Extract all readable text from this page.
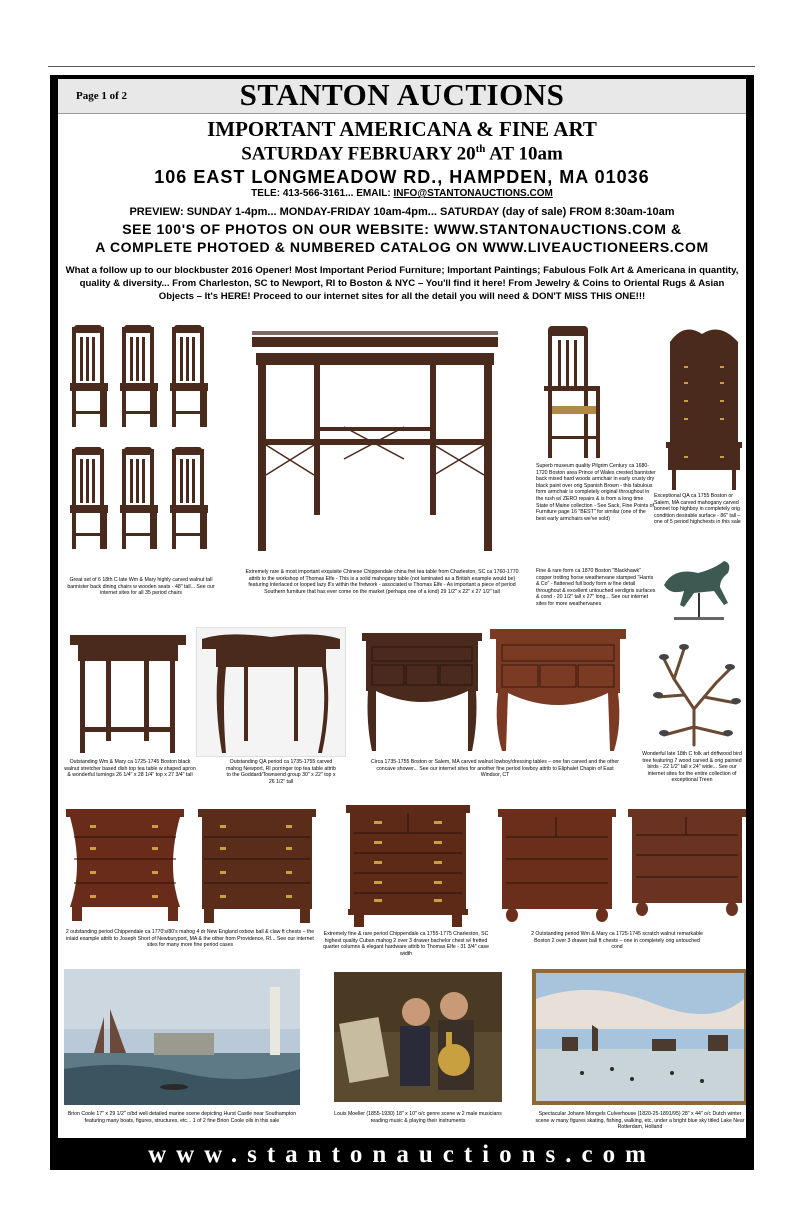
Page 1 of 2	STANTON AUCTIONS
IMPORTANT AMERICANA & FINE ART
SATURDAY FEBRUARY 20th AT 10am
106 EAST LONGMEADOW RD., HAMPDEN, MA 01036
TELE: 413-566-3161... EMAIL: INFO@STANTONAUCTIONS.COM
PREVIEW: SUNDAY 1-4pm... MONDAY-FRIDAY 10am-4pm... SATURDAY (day of sale) FROM 8:30am-10am
SEE 100'S OF PHOTOS ON OUR WEBSITE: WWW.STANTONAUCTIONS.COM &
A COMPLETE PHOTOED & NUMBERED CATALOG ON WWW.LIVEAUCTIONEERS.COM
What a follow up to our blockbuster 2016 Opener! Most Important Period Furniture; Important Paintings; Fabulous Folk Art & Americana in quantity, quality & diversity... From Charleston, SC to Newport, RI to Boston & NYC – You'll find it here! From Jewelry & Coins to Oriental Rugs & Asian Objects – It's HERE! Proceed to our internet sites for all the detail you will need & DON'T MISS THIS ONE!!!
Great set of 6 18th C late Wm & Mary highly carved walnut tall bannister back dining chairs w wooden seats - 48" tall... See our internet sites for all 35 period chairs
Extremely rare & most important exquisite Chinese Chippendale china fret tea table from Charleston, SC ca 1760-1770 attrib to the workshop of Thomas Elfe - This is a solid mahogany table (not laminated as a British example would be) featuring interlaced or looped lazy 8's within the fretwork - associated w Thomas Elfe - As important a piece of period Southern furniture that has ever come on the market (perhaps one of a kind) 29 1/2" x 22" x 27 1/2" tall
Superb museum quality Pilgrim Century ca 1680-1720 Boston area Prince of Wales crested bannister back mixed hard woods armchair in early crusty dry black paint over orig Spanish Brown - this fabulous form armchair is completely original throughout in the rush w/ ZERO repairs & is from a long time State of Maine collection - See Sack, Fine Points of Furniture page 16 "BEST" for similar (one of the best early armchairs we've sold)
Exceptional QA ca 1755 Boston or Salem, MA carved mahogany carved bonnet top highboy in completely orig condition desirable surface - 86" tall – one of 5 period highchests in this sale
Fine & rare form ca 1870 Boston "Blackhawk" copper trotting horse weathervane stamped "Harris & Co" - flattened full body form w fine detail throughout & excellent untouched verdigris surfaces & cond - 20 1/2" tall x 27" long... See our internet sites for more weathervanes
Outstanding Wm & Mary ca 1725-1745 Boston black walnut stretcher based dish top tea table w shaped apron & wonderful turnings 26 1/4" x 28 1/4" top x 27 3/4" tall
Outstanding QA period ca 1735-1755 carved mahog Newport, RI porringer top tea table attrib to the Goddard/Townsend group 30" x 22" top x 26 1/2" tall
Circa 1735-1755 Boston or Salem, MA carved walnut lowboy/dressing tables – one fan carved and the other concave shower... See our internet sites for another fine period lowboy attrib to Eliphalet Chapin of East Windsor, CT
Wonderful late 18th C folk art driftwood bird tree featuring 7 wood carved & orig painted birds - 22 1/2" tall x 24" wide... See our internet sites for the entire collection of exceptional Treen
2 outstanding period Chippendale ca 1770's/80's mahog 4 dr New England oxbow ball & claw ft chests – the inlaid example attrib to Joseph Short of Newburyport, MA & the other from Providence, RI... See our internet sites for many more fine period cases
Extremely fine & rare period Chippendale ca 1755-1775 Charleston, SC highest quality Cuban mahog 2 over 3 drawer bachelor chest w/ fretted quarter columns & elegant hardware attrib to Thomas Elfe - 31 3/4" case width
2 Outstanding period Wm & Mary ca 1725-1745 scratch walnut remarkable Boston 2 over 3 drawer ball ft chests – one in completely orig untouched cond
Brion Coole 17" x 29 1/2" o/bd well detailed marine scene depicting Hurst Castle near Southampton featuring many boats, figures, structures, etc... 1 of 2 fine Brion Coole oils in this sale
Louis Moeller (1855-1930) 18" x 10" o/c genre scene w 2 male musicians reading music & playing their instruments
Spectacular Johann Mongels Culverhouse (1820-25-1891/95) 28" x 44" o/c Dutch winter scene w many figures skating, fishing, walking, etc, under a bright blue sky titled Lake Near Rotterdam, Holland
www.stantonauctions.com
